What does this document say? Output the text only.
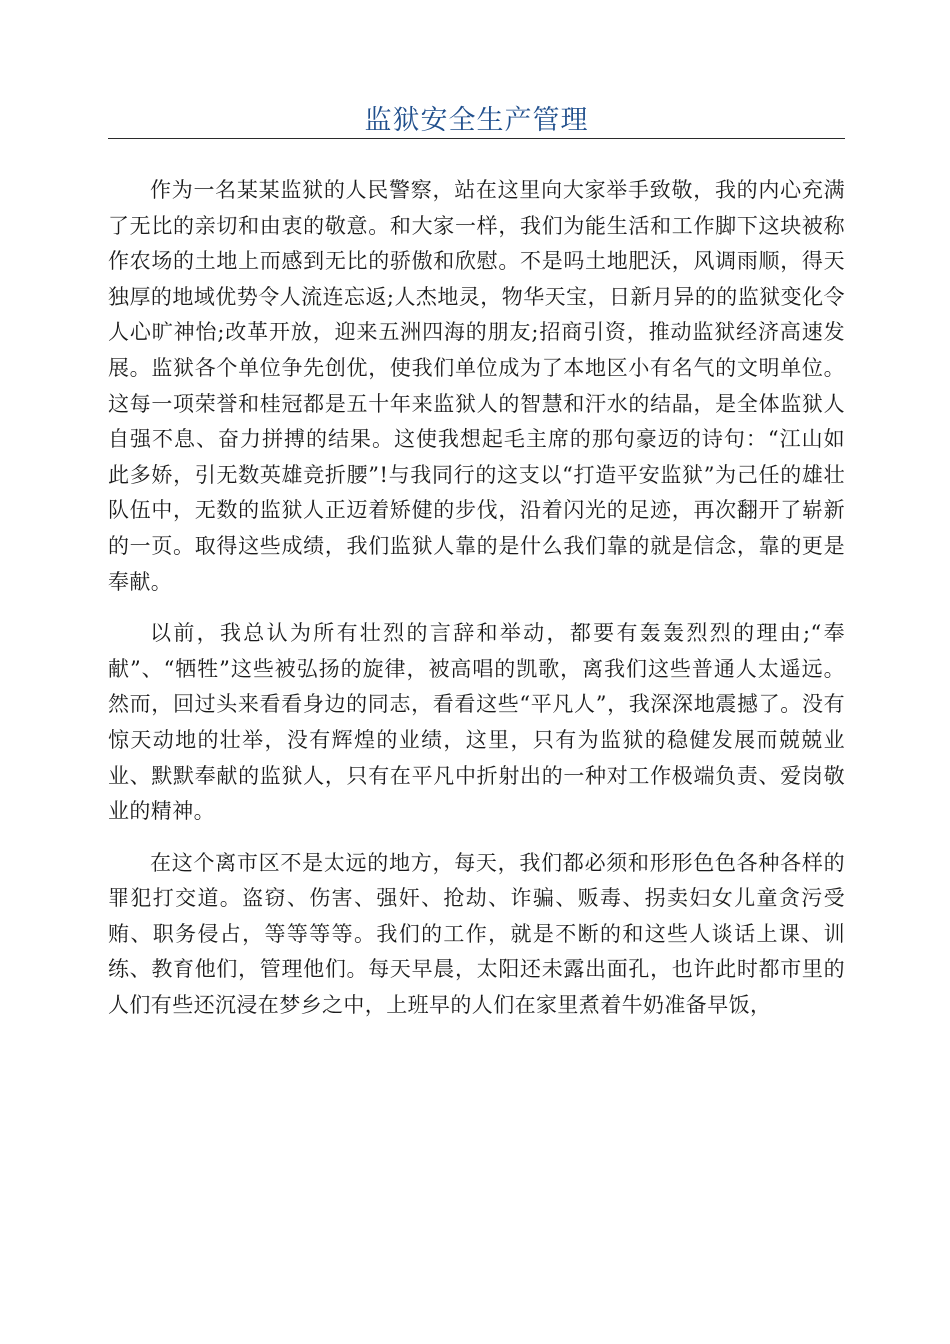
监狱安全生产管理

作为一名某某监狱的人民警察，站在这里向大家举手致敬，我的内心充满了无比的亲切和由衷的敬意。和大家一样，我们为能生活和工作脚下这块被称作农场的土地上而感到无比的骄傲和欣慰。不是吗土地肥沃，风调雨顺，得天独厚的地域优势令人流连忘返;人杰地灵，物华天宝，日新月异的的监狱变化令人心旷神怡;改革开放，迎来五洲四海的朋友;招商引资，推动监狱经济高速发展。监狱各个单位争先创优，使我们单位成为了本地区小有名气的文明单位。这每一项荣誉和桂冠都是五十年来监狱人的智慧和汗水的结晶，是全体监狱人自强不息、奋力拼搏的结果。这使我想起毛主席的那句豪迈的诗句：“江山如此多娇，引无数英雄竞折腰”!与我同行的这支以“打造平安监狱”为己任的雄壮队伍中，无数的监狱人正迈着矫健的步伐，沿着闪光的足迹，再次翻开了崭新的一页。取得这些成绩，我们监狱人靠的是什么我们靠的就是信念，靠的更是奉献。

以前，我总认为所有壮烈的言辞和举动，都要有轰轰烈烈的理由;“奉献”、“牺牲”这些被弘扬的旋律，被高唱的凯歌，离我们这些普通人太遥远。然而，回过头来看看身边的同志，看看这些“平凡人”，我深深地震撼了。没有惊天动地的壮举，没有辉煌的业绩，这里，只有为监狱的稳健发展而兢兢业业、默默奉献的监狱人，只有在平凡中折射出的一种对工作极端负责、爱岗敬业的精神。

在这个离市区不是太远的地方，每天，我们都必须和形形色色各种各样的罪犯打交道。盗窃、伤害、强奸、抢劫、诈骗、贩毒、拐卖妇女儿童贪污受贿、职务侵占，等等等等。我们的工作，就是不断的和这些人谈话上课、训练、教育他们，管理他们。每天早晨，太阳还未露出面孔，也许此时都市里的人们有些还沉浸在梦乡之中，上班早的人们在家里煮着牛奶准备早饭，
